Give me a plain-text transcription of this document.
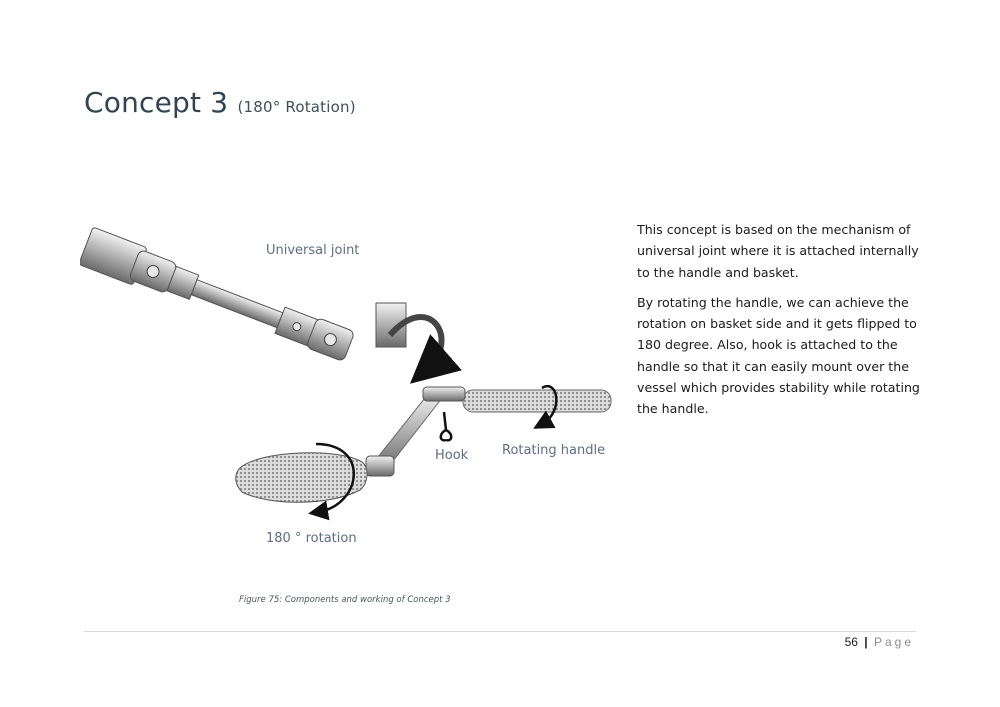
Concept 3 (180° Rotation)
Universal joint
Rotating handle
Hook
180 ° rotation

Figure 75: Components and working of Concept 3

This concept is based on the mechanism of universal joint where it is attached internally to the handle and basket.

By rotating the handle, we can achieve the rotation on basket side and it gets flipped to 180 degree. Also, hook is attached to the handle so that it can easily mount over the vessel which provides stability while rotating the handle.

56 | Page
